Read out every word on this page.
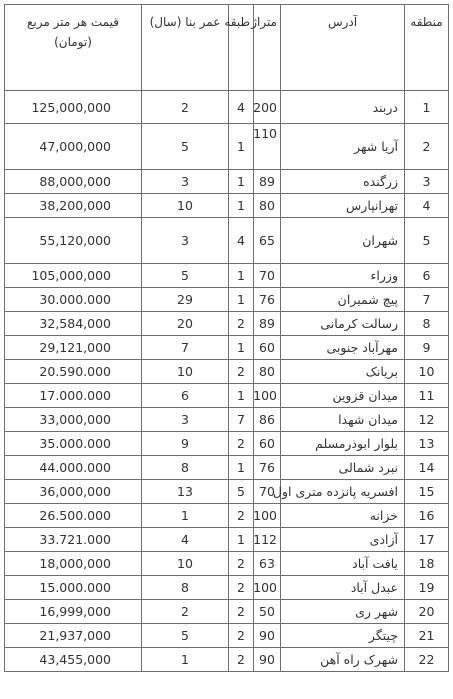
منطقه	آدرس	متراژ	طبقه	عمر بنا (سال)	قیمت هر متر مربع
(تومان)

1	دربند	200	4	2	125,000,000
2	آریا شهر	110	1	5	47,000,000
3	زرگنده	89	1	3	88,000,000
4	تهرانپارس	80	1	10	38,200,000
5	شهران	65	4	3	55,120,000
6	وزراء	70	1	5	105,000,000
7	پیچ شمیران	76	1	29	30.000.000
8	رسالت کرمانی	89	2	20	32,584,000
9	مهرآباد جنوبی	60	1	7	29,121,000
10	بریانک	80	2	10	20.590.000
11	میدان قزوین	100	1	6	17.000.000
12	میدان شهدا	86	7	3	33,000,000
13	بلوار ابوذرمسلم	60	2	9	35.000.000
14	نبرد شمالی	76	1	8	44.000.000
15	افسریه پانزده متری اول	70	5	13	36,000,000
16	خزانه	100	2	1	26.500.000
17	آزادی	112	1	4	33.721.000
18	یافت آباد	63	2	10	18,000,000
19	عبدل آباد	100	2	8	15.000.000
20	شهر ری	50	2	2	16,999,000
21	چیتگر	90	2	5	21,937,000
22	شهرک راه آهن	90	2	1	43,455,000
